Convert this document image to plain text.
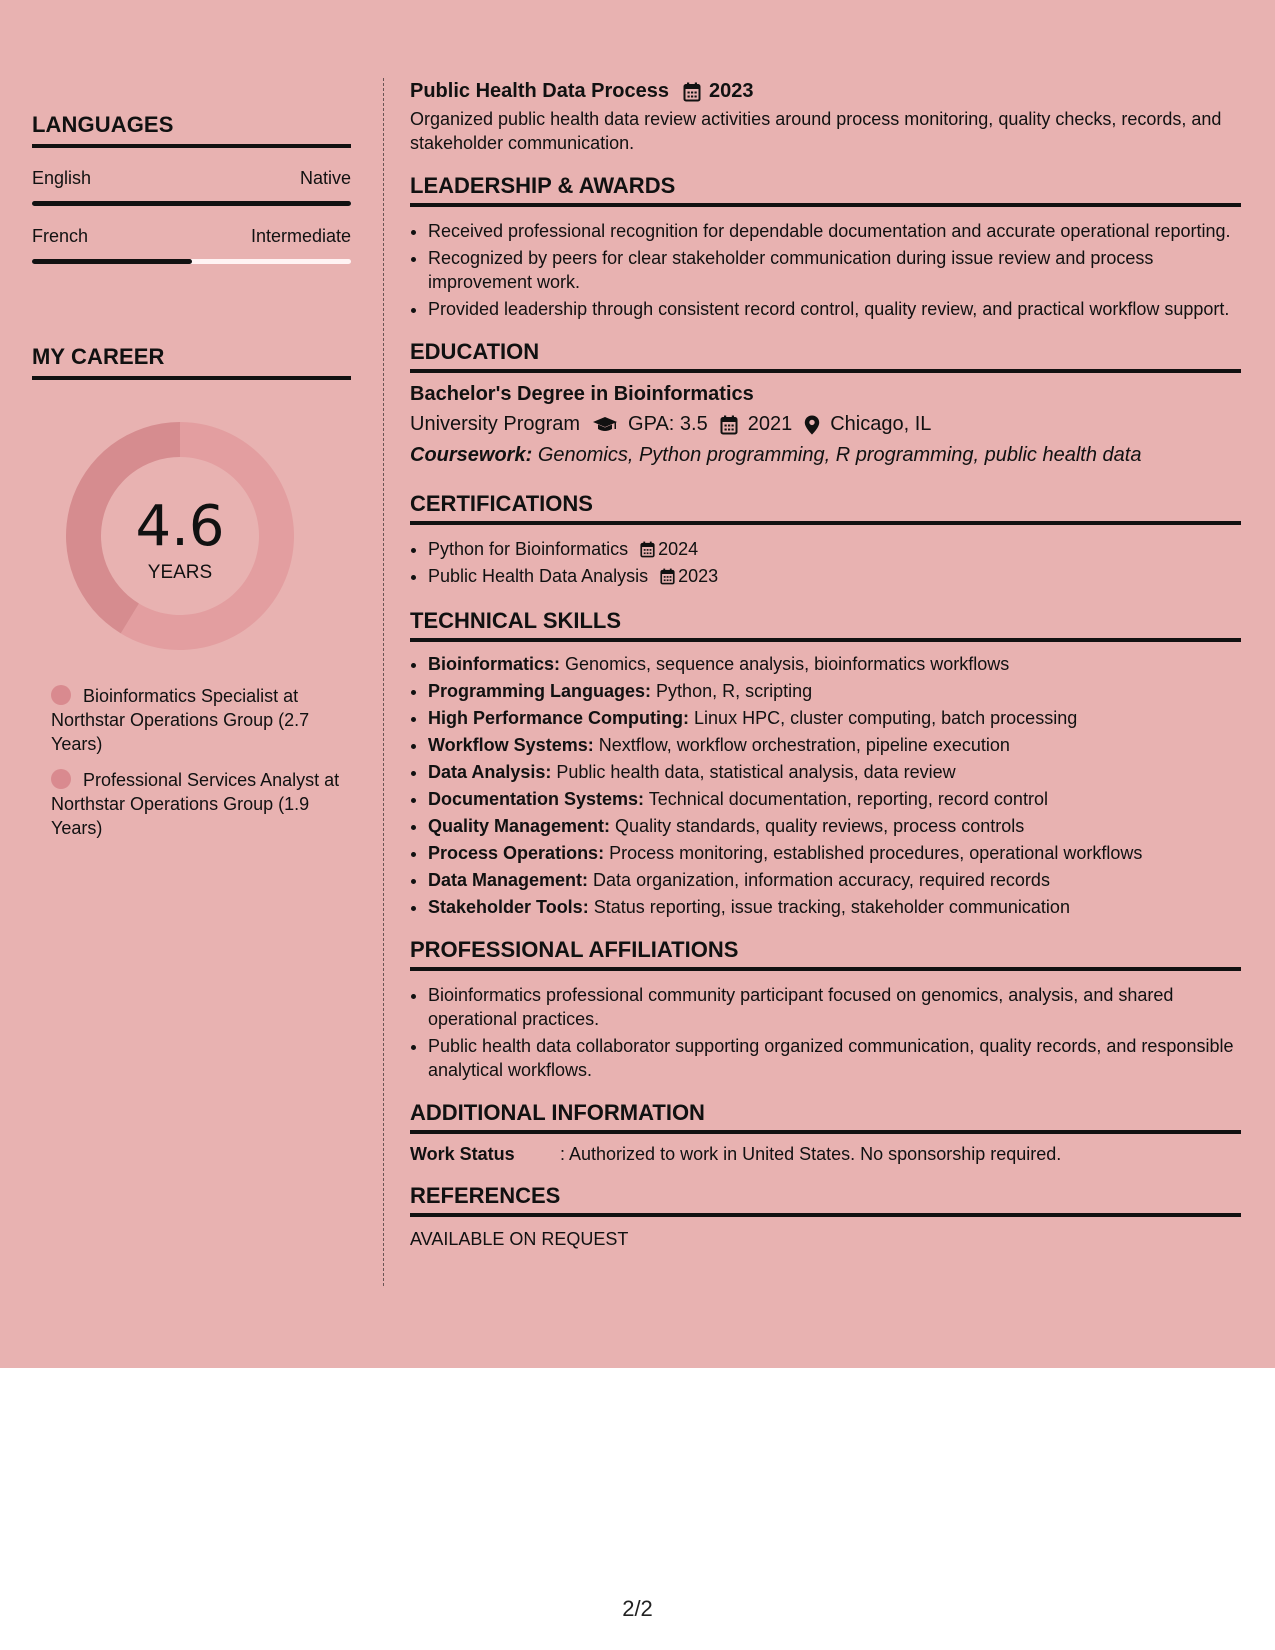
LANGUAGES
English	Native
French	Intermediate
MY CAREER
4.6
YEARS
Bioinformatics Specialist at Northstar Operations Group (2.7 Years)
Professional Services Analyst at Northstar Operations Group (1.9 Years)
Public Health Data Process 2023
Organized public health data review activities around process monitoring, quality checks, records, and stakeholder communication.
LEADERSHIP & AWARDS
• Received professional recognition for dependable documentation and accurate operational reporting.
• Recognized by peers for clear stakeholder communication during issue review and process improvement work.
• Provided leadership through consistent record control, quality review, and practical workflow support.
EDUCATION
Bachelor's Degree in Bioinformatics
University Program GPA: 3.5 2021 Chicago, IL
Coursework: Genomics, Python programming, R programming, public health data
CERTIFICATIONS
• Python for Bioinformatics 2024
• Public Health Data Analysis 2023
TECHNICAL SKILLS
• Bioinformatics: Genomics, sequence analysis, bioinformatics workflows
• Programming Languages: Python, R, scripting
• High Performance Computing: Linux HPC, cluster computing, batch processing
• Workflow Systems: Nextflow, workflow orchestration, pipeline execution
• Data Analysis: Public health data, statistical analysis, data review
• Documentation Systems: Technical documentation, reporting, record control
• Quality Management: Quality standards, quality reviews, process controls
• Process Operations: Process monitoring, established procedures, operational workflows
• Data Management: Data organization, information accuracy, required records
• Stakeholder Tools: Status reporting, issue tracking, stakeholder communication
PROFESSIONAL AFFILIATIONS
• Bioinformatics professional community participant focused on genomics, analysis, and shared operational practices.
• Public health data collaborator supporting organized communication, quality records, and responsible analytical workflows.
ADDITIONAL INFORMATION
Work Status	: Authorized to work in United States. No sponsorship required.
REFERENCES
AVAILABLE ON REQUEST
2/2
